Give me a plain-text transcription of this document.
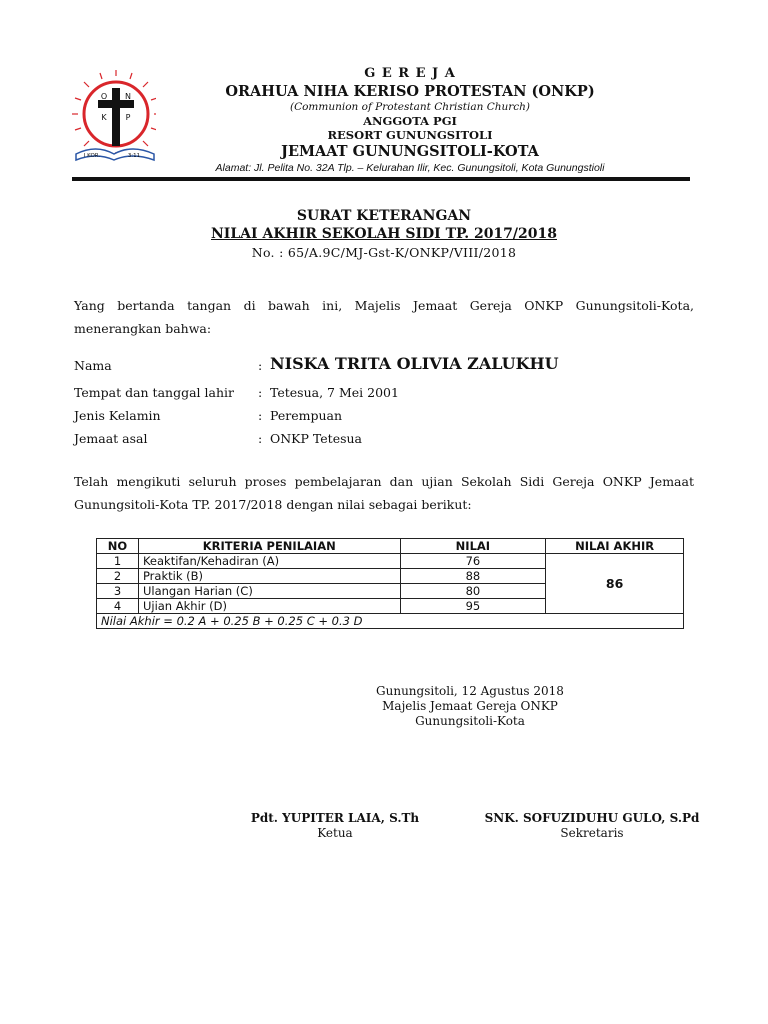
O N
K P
I KOR.	3:11
G E R E J A
ORAHUA NIHA KERISO PROTESTAN (ONKP)
(Communion of Protestant Christian Church)
ANGGOTA PGI
RESORT GUNUNGSITOLI
JEMAAT GUNUNGSITOLI-KOTA
Alamat: Jl. Pelita No. 32A Tlp. – Kelurahan Ilir, Kec. Gunungsitoli, Kota Gunungstioli
SURAT KETERANGAN
NILAI AKHIR SEKOLAH SIDI TP. 2017/2018
No. : 65/A.9C/MJ-Gst-K/ONKP/VIII/2018
Yang bertanda tangan di bawah ini, Majelis Jemaat Gereja ONKP Gunungsitoli-Kota, menerangkan bahwa:
Nama	: NISKA TRITA OLIVIA ZALUKHU
Tempat dan tanggal lahir : Tetesua, 7 Mei 2001
Jenis Kelamin	: Perempuan
Jemaat asal	: ONKP Tetesua
Telah mengikuti seluruh proses pembelajaran dan ujian Sekolah Sidi Gereja ONKP Jemaat Gunungsitoli-Kota TP. 2017/2018 dengan nilai sebagai berikut:
NO	KRITERIA PENILAIAN	NILAI	NILAI AKHIR
1	Keaktifan/Kehadiran (A)	76	86
2	Praktik (B)	88	
3	Ulangan Harian (C)	80	
4	Ujian Akhir (D)	95	
Nilai Akhir = 0.2 A + 0.25 B + 0.25 C + 0.3 D			
Gunungsitoli, 12 Agustus 2018
Majelis Jemaat Gereja ONKP
Gunungsitoli-Kota
Pdt. YUPITER LAIA, S.Th
Ketua
SNK. SOFUZIDUHU GULO, S.Pd
Sekretaris
